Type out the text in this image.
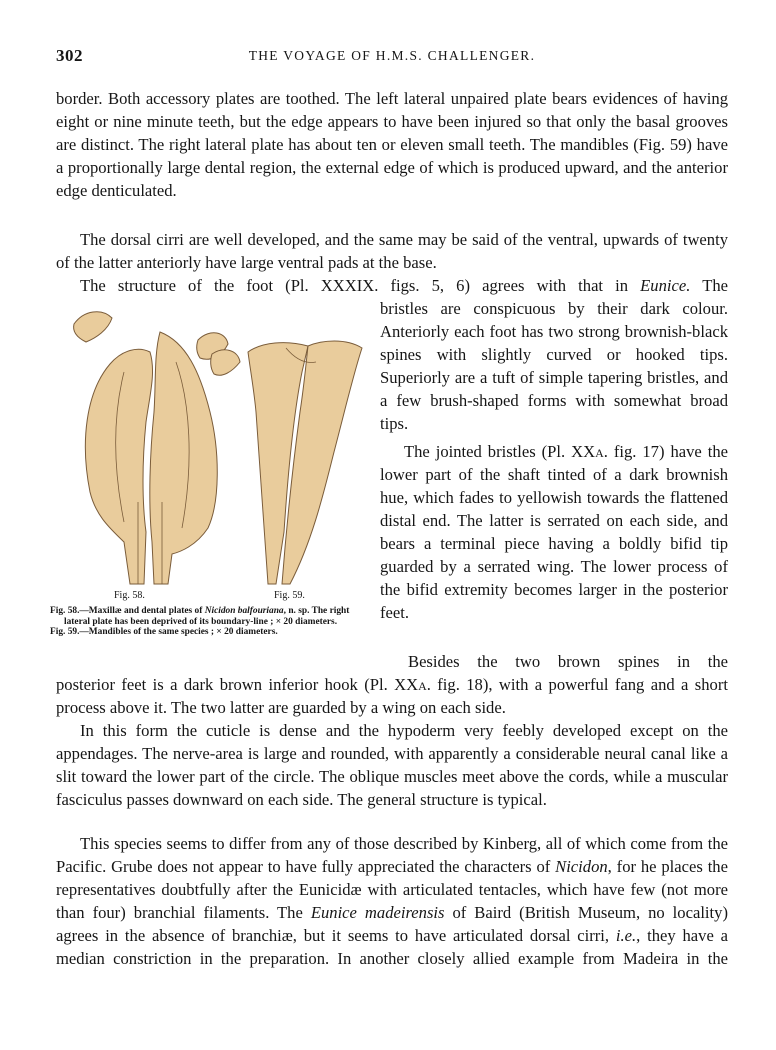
302	THE VOYAGE OF H.M.S. CHALLENGER.

border. Both accessory plates are toothed. The left lateral unpaired plate bears evidences of having eight or nine minute teeth, but the edge appears to have been injured so that only the basal grooves are distinct. The right lateral plate has about ten or eleven small teeth. The mandibles (Fig. 59) have a proportionally large dental region, the external edge of which is produced upward, and the anterior edge denticulated.

The dorsal cirri are well developed, and the same may be said of the ventral, upwards of twenty of the latter anteriorly have large ventral pads at the base.

The structure of the foot (Pl. XXXIX. figs. 5, 6) agrees with that in Eunice. The

bristles are conspicuous by their dark colour. Anteriorly each foot has two strong brownish-black spines with slightly curved or hooked tips. Superiorly are a tuft of simple tapering bristles, and a few brush-shaped forms with somewhat broad tips.

The jointed bristles (Pl. XXa. fig. 17) have the lower part of the shaft tinted of a dark brownish hue, which fades to yellowish towards the flattened distal end. The latter is serrated on each side, and bears a terminal piece having a boldly bifid tip guarded by a serrated wing. The lower process of the bifid extremity becomes larger in the posterior feet.

Besides the two brown spines in the

posterior feet is a dark brown inferior hook (Pl. XXa. fig. 18), with a powerful fang and a short process above it. The two latter are guarded by a wing on each side.

In this form the cuticle is dense and the hypoderm very feebly developed except on the appendages. The nerve-area is large and rounded, with apparently a considerable neural canal like a slit toward the lower part of the circle. The oblique muscles meet above the cords, while a muscular fasciculus passes downward on each side. The general structure is typical.

This species seems to differ from any of those described by Kinberg, all of which come from the Pacific. Grube does not appear to have fully appreciated the characters of Nicidon, for he places the representatives doubtfully after the Eunicidæ with articulated tentacles, which have few (not more than four) branchial filaments. The Eunice madeirensis of Baird (British Museum, no locality) agrees in the absence of branchiæ, but it seems to have articulated dorsal cirri, i.e., they have a median constriction in the preparation. In another closely allied example from Madeira in the

Fig. 58.	Fig. 59.

Fig. 58.—Maxillæ and dental plates of Nicidon balfouriana, n. sp. The right lateral plate has been deprived of its boundary-line ; × 20 diameters.

Fig. 59.—Mandibles of the same species ; × 20 diameters.
